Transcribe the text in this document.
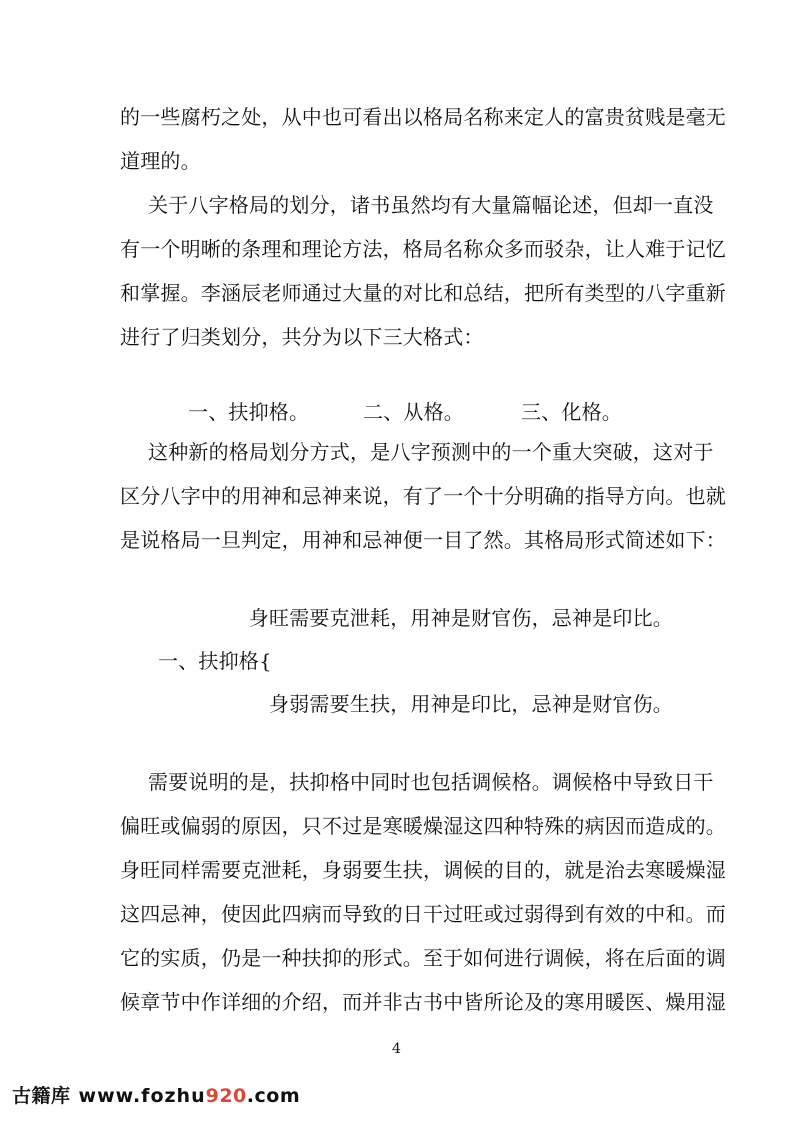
的一些腐朽之处，从中也可看出以格局名称来定人的富贵贫贱是毫无
道理的。
关于八字格局的划分，诸书虽然均有大量篇幅论述，但却一直没
有一个明晰的条理和理论方法，格局名称众多而驳杂，让人难于记忆
和掌握。李涵辰老师通过大量的对比和总结，把所有类型的八字重新
进行了归类划分，共分为以下三大格式：
一、扶抑格。	二、从格。	三、化格。
这种新的格局划分方式，是八字预测中的一个重大突破，这对于
区分八字中的用神和忌神来说，有了一个十分明确的指导方向。也就
是说格局一旦判定，用神和忌神便一目了然。其格局形式简述如下：
身旺需要克泄耗，用神是财官伤，忌神是印比。
一、扶抑格{
身弱需要生扶，用神是印比，忌神是财官伤。
需要说明的是，扶抑格中同时也包括调候格。调候格中导致日干
偏旺或偏弱的原因，只不过是寒暖燥湿这四种特殊的病因而造成的。
身旺同样需要克泄耗，身弱要生扶，调候的目的，就是治去寒暖燥湿
这四忌神，使因此四病而导致的日干过旺或过弱得到有效的中和。而
它的实质，仍是一种扶抑的形式。至于如何进行调候，将在后面的调
候章节中作详细的介绍，而并非古书中皆所论及的寒用暖医、燥用湿
4
古籍库 www.fozhu920.com
